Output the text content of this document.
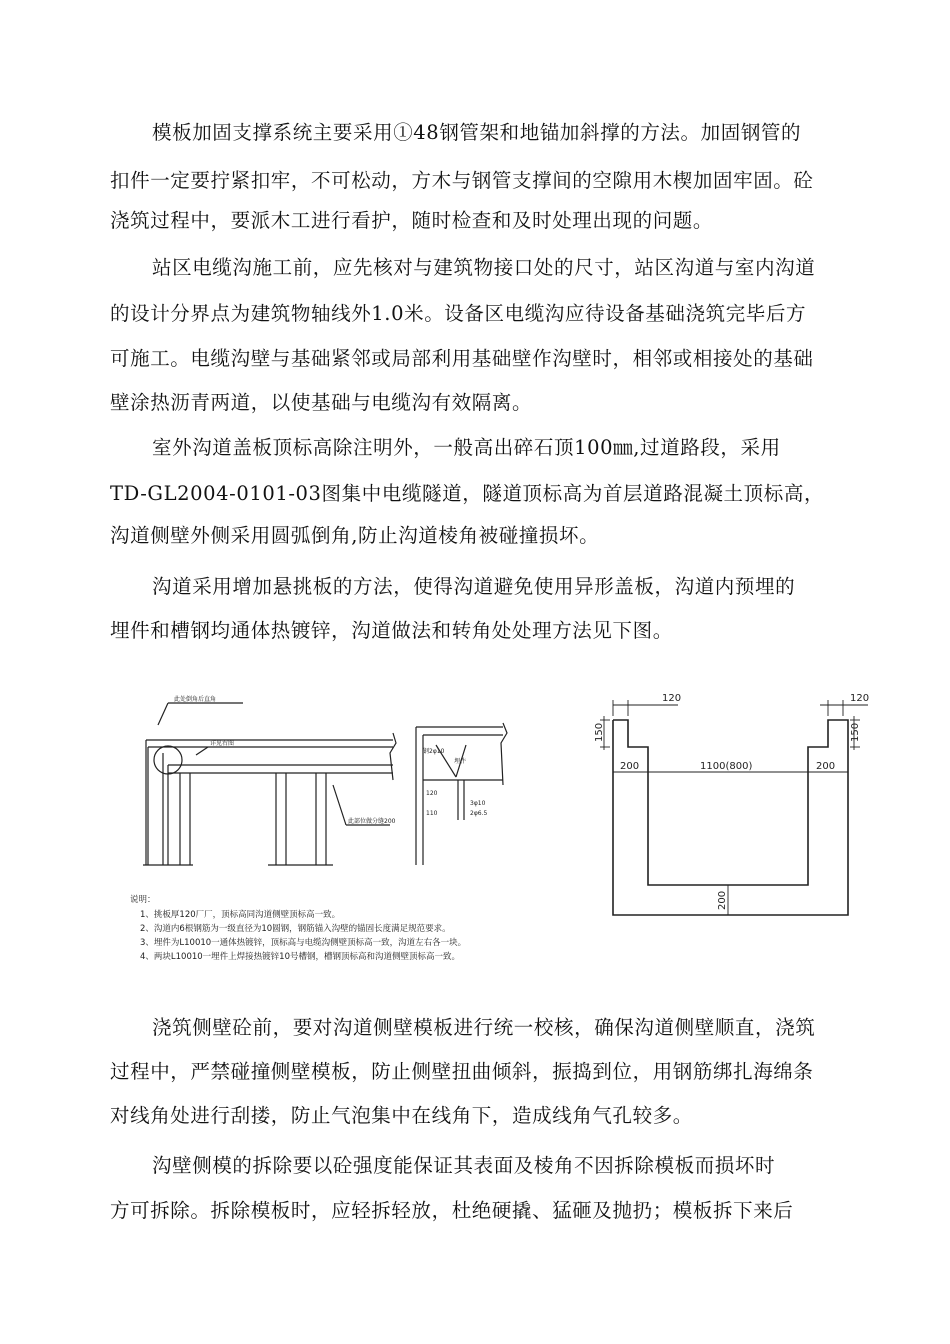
模板加固支撑系统主要采用①48钢管架和地锚加斜撑的方法。加固钢管的
扣件一定要拧紧扣牢，不可松动，方木与钢管支撑间的空隙用木楔加固牢固。砼
浇筑过程中，要派木工进行看护，随时检查和及时处理出现的问题。
站区电缆沟施工前，应先核对与建筑物接口处的尺寸，站区沟道与室内沟道
的设计分界点为建筑物轴线外1.0米。设备区电缆沟应待设备基础浇筑完毕后方
可施工。电缆沟壁与基础紧邻或局部利用基础壁作沟壁时，相邻或相接处的基础
壁涂热沥青两道，以使基础与电缆沟有效隔离。
室外沟道盖板顶标高除注明外，一般高出碎石顶100㎜,过道路段，采用
TD-GL2004-0101-03图集中电缆隧道，隧道顶标高为首层道路混凝土顶标高，
沟道侧壁外侧采用圆弧倒角,防止沟道棱角被碰撞损坏。
沟道采用增加悬挑板的方法，使得沟道避免使用异形盖板，沟道内预埋的
埋件和槽钢均通体热镀锌，沟道做法和转角处处理方法见下图。
此处倒角后直角
详见右图
此部位做分缝200
钢2φ10
埋件
3φ10
2φ6.5
120
110
说明：
1、挑板厚120厂厂，顶标高同沟道侧壁顶标高一致。
2、沟道内6根钢筋为一级直径为10圆钢，钢筋锚入沟壁的锚固长度满足规范要求。
3、埋件为L10010一通体热镀锌，顶标高与电缆沟侧壁顶标高一致，沟道左右各一块。
4、两块L10010一埋件上焊接热镀锌10号槽钢，槽钢顶标高和沟道侧壁顶标高一致。
120	120
150	150
200	1100(800)	200
200
浇筑侧壁砼前，要对沟道侧壁模板进行统一校核，确保沟道侧壁顺直，浇筑
过程中，严禁碰撞侧壁模板，防止侧壁扭曲倾斜，振捣到位，用钢筋绑扎海绵条
对线角处进行刮搂，防止气泡集中在线角下，造成线角气孔较多。
沟壁侧模的拆除要以砼强度能保证其表面及棱角不因拆除模板而损坏时
方可拆除。拆除模板时，应轻拆轻放，杜绝硬撬、猛砸及抛扔；模板拆下来后
